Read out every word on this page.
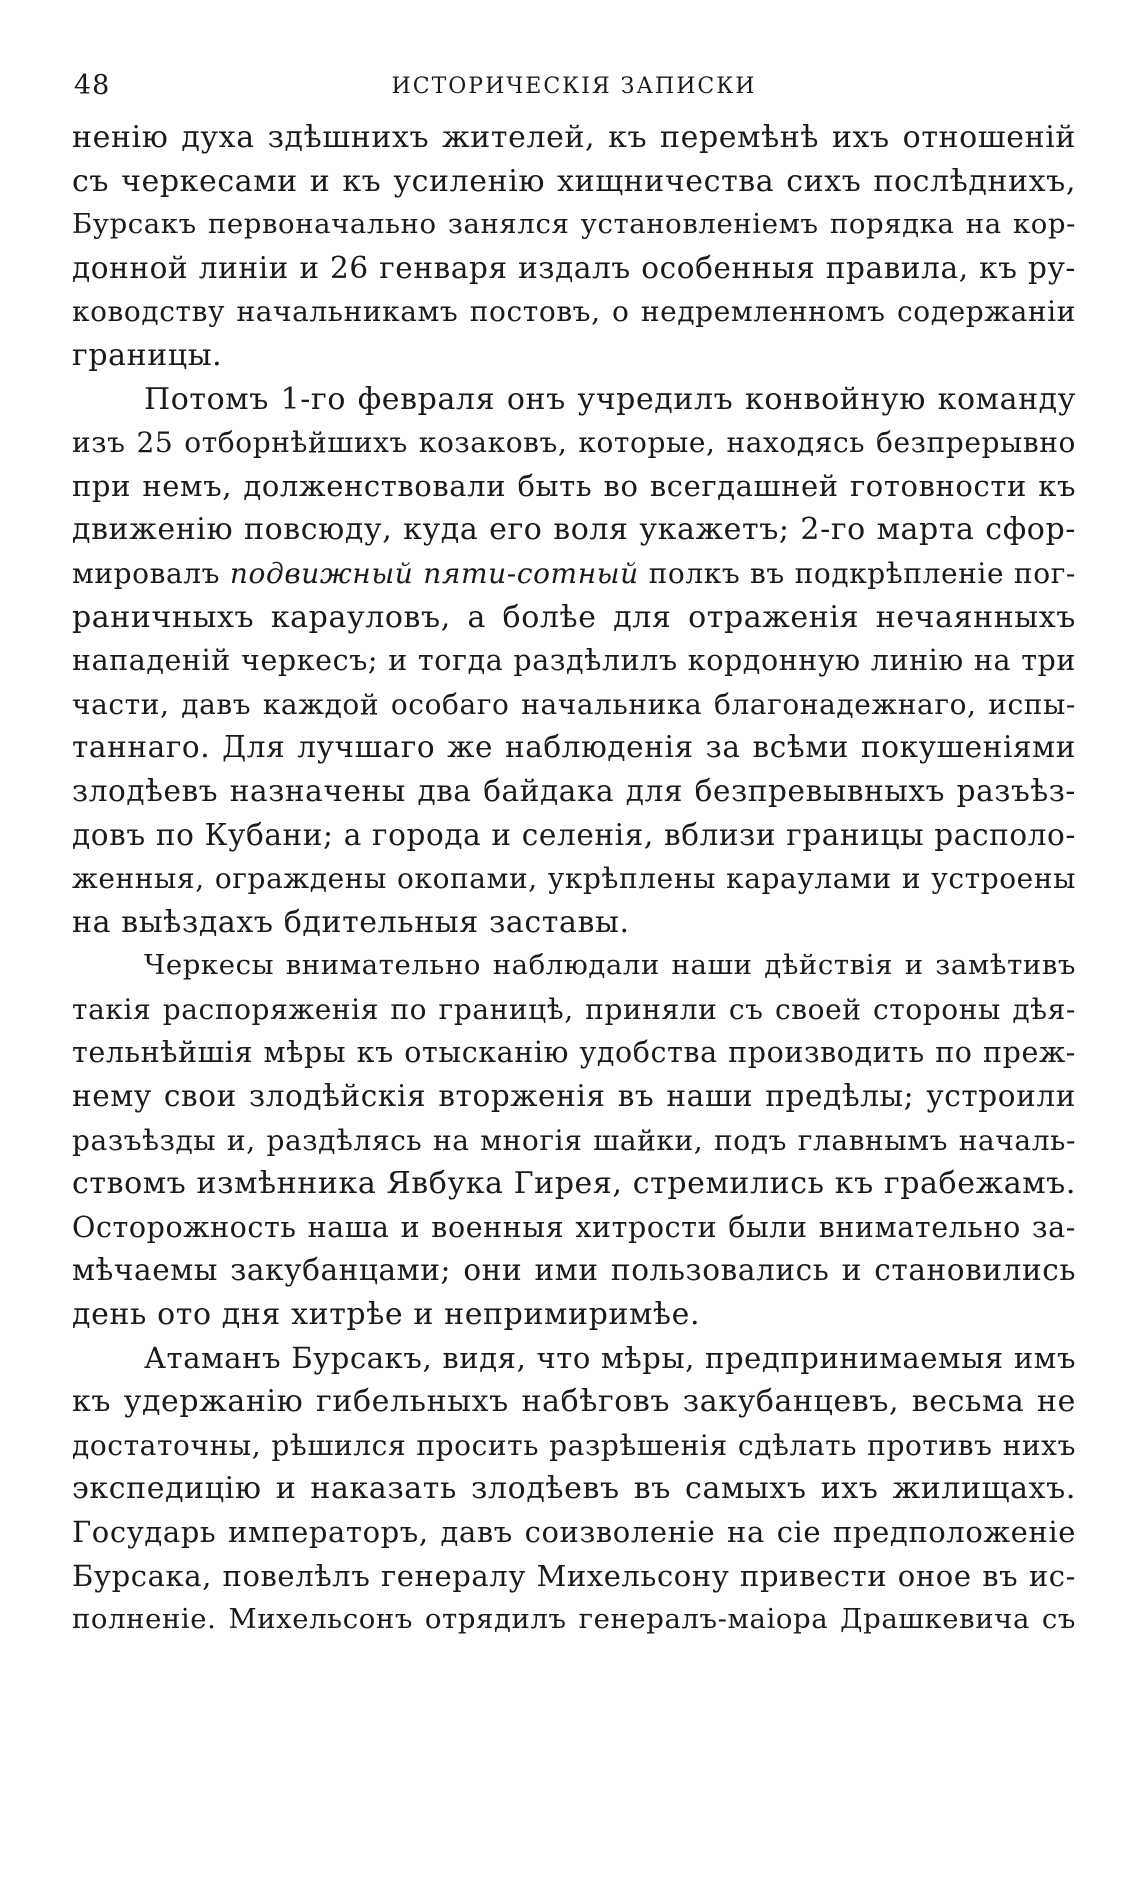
48	ИСТОРИЧЕСКІЯ ЗАПИСКИ

ненію духа здѣшнихъ жителей, къ перемѣнѣ ихъ отношеній
съ черкесами и къ усиленію хищничества сихъ послѣднихъ,
Бурсакъ первоначально занялся установленіемъ порядка на кор-
донной линіи и 26 генваря издалъ особенныя правила, къ ру-
ководству начальникамъ постовъ, о недремленномъ содержаніи
границы.

Потомъ 1-го февраля онъ учредилъ конвойную команду
изъ 25 отборнѣйшихъ козаковъ, которые, находясь безпрерывно
при немъ, долженствовали быть во всегдашней готовности къ
движенію повсюду, куда его воля укажетъ; 2-го марта сфор-
мировалъ подвижный пяти-сотный полкъ въ подкрѣпленіе пог-
раничныхъ карауловъ, а болѣе для отраженія нечаянныхъ
нападеній черкесъ; и тогда раздѣлилъ кордонную линію на три
части, давъ каждой особаго начальника благонадежнаго, испы-
таннаго. Для лучшаго же наблюденія за всѣми покушеніями
злодѣевъ назначены два байдака для безпревывныхъ разъѣз-
довъ по Кубани; а города и селенія, вблизи границы располо-
женныя, ограждены окопами, укрѣплены караулами и устроены
на выѣздахъ бдительныя заставы.

Черкесы внимательно наблюдали наши дѣйствія и замѣтивъ
такія распоряженія по границѣ, приняли съ своей стороны дѣя-
тельнѣйшія мѣры къ отысканію удобства производить по преж-
нему свои злодѣйскія вторженія въ наши предѣлы; устроили
разъѣзды и, раздѣлясь на многія шайки, подъ главнымъ началь-
ствомъ измѣнника Явбука Гирея, стремились къ грабежамъ.
Осторожность наша и военныя хитрости были внимательно за-
мѣчаемы закубанцами; они ими пользовались и становились
день ото дня хитрѣе и непримиримѣе.

Атаманъ Бурсакъ, видя, что мѣры, предпринимаемыя имъ
къ удержанію гибельныхъ набѣговъ закубанцевъ, весьма не
достаточны, рѣшился просить разрѣшенія сдѣлать противъ нихъ
экспедицію и наказать злодѣевъ въ самыхъ ихъ жилищахъ.
Государь императоръ, давъ соизволеніе на сіе предположеніе
Бурсака, повелѣлъ генералу Михельсону привести оное въ ис-
полненіе. Михельсонъ отрядилъ генералъ-маіора Драшкевича съ
